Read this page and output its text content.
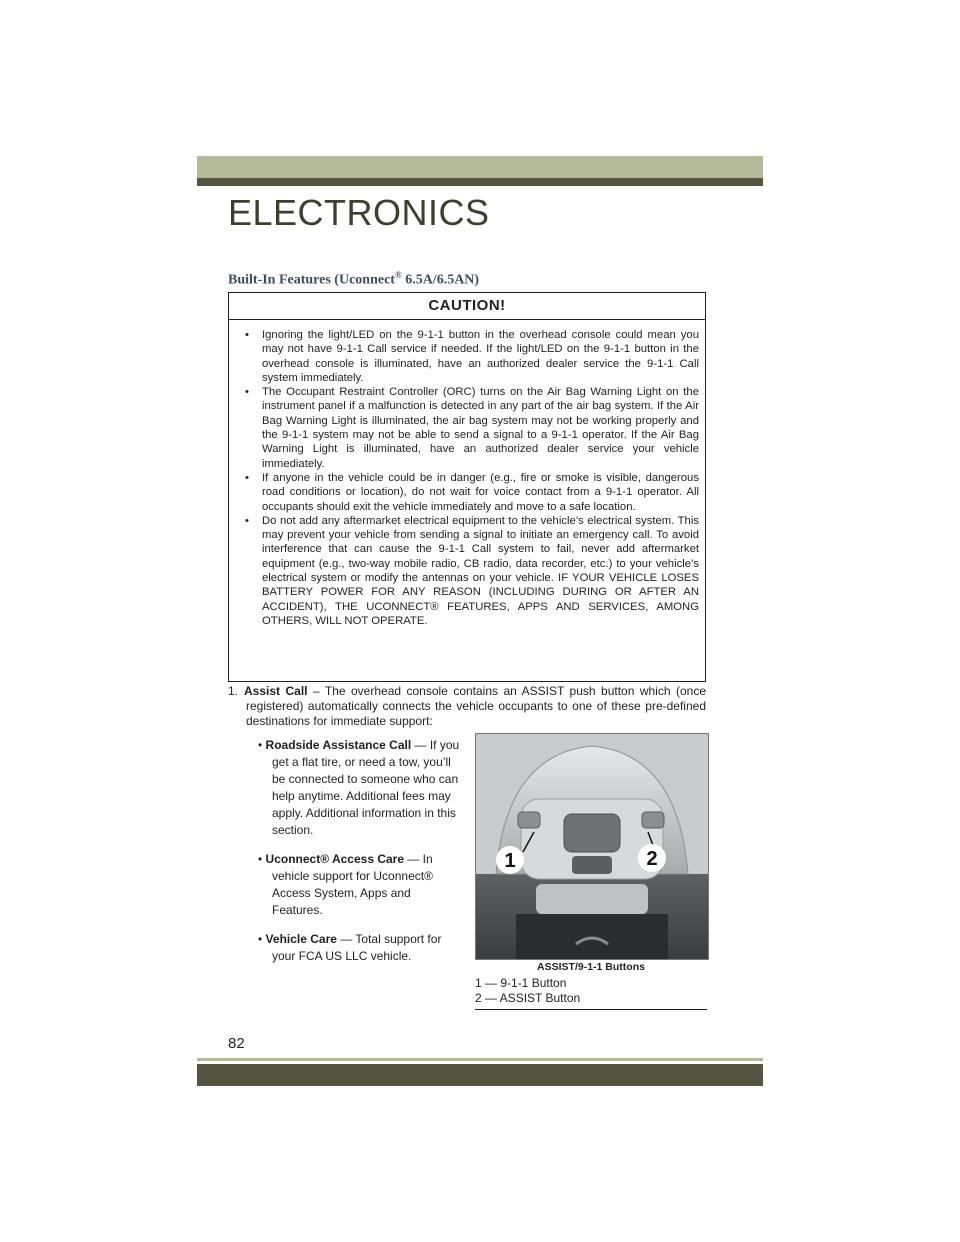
ELECTRONICS
Built-In Features (Uconnect® 6.5A/6.5AN)
CAUTION!
• Ignoring the light/LED on the 9-1-1 button in the overhead console could mean you may not have 9-1-1 Call service if needed. If the light/LED on the 9-1-1 button in the overhead console is illuminated, have an authorized dealer service the 9-1-1 Call system immediately.
• The Occupant Restraint Controller (ORC) turns on the Air Bag Warning Light on the instrument panel if a malfunction is detected in any part of the air bag system. If the Air Bag Warning Light is illuminated, the air bag system may not be working properly and the 9-1-1 system may not be able to send a signal to a 9-1-1 operator. If the Air Bag Warning Light is illuminated, have an authorized dealer service your vehicle immediately.
• If anyone in the vehicle could be in danger (e.g., fire or smoke is visible, dangerous road conditions or location), do not wait for voice contact from a 9-1-1 operator. All occupants should exit the vehicle immediately and move to a safe location.
• Do not add any aftermarket electrical equipment to the vehicle’s electrical system. This may prevent your vehicle from sending a signal to initiate an emergency call. To avoid interference that can cause the 9-1-1 Call system to fail, never add aftermarket equipment (e.g., two-way mobile radio, CB radio, data recorder, etc.) to your vehicle’s electrical system or modify the antennas on your vehicle. IF YOUR VEHICLE LOSES BATTERY POWER FOR ANY REASON (INCLUDING DURING OR AFTER AN ACCIDENT), THE UCONNECT® FEATURES, APPS AND SERVICES, AMONG OTHERS, WILL NOT OPERATE.
1. Assist Call – The overhead console contains an ASSIST push button which (once registered) automatically connects the vehicle occupants to one of these pre-defined destinations for immediate support:
• Roadside Assistance Call — If you get a flat tire, or need a tow, you’ll be connected to someone who can help anytime. Additional fees may apply. Additional information in this section.
• Uconnect® Access Care — In vehicle support for Uconnect® Access System, Apps and Features.
• Vehicle Care — Total support for your FCA US LLC vehicle.
1	2
ASSIST/9-1-1 Buttons
1 — 9-1-1 Button
2 — ASSIST Button
82
